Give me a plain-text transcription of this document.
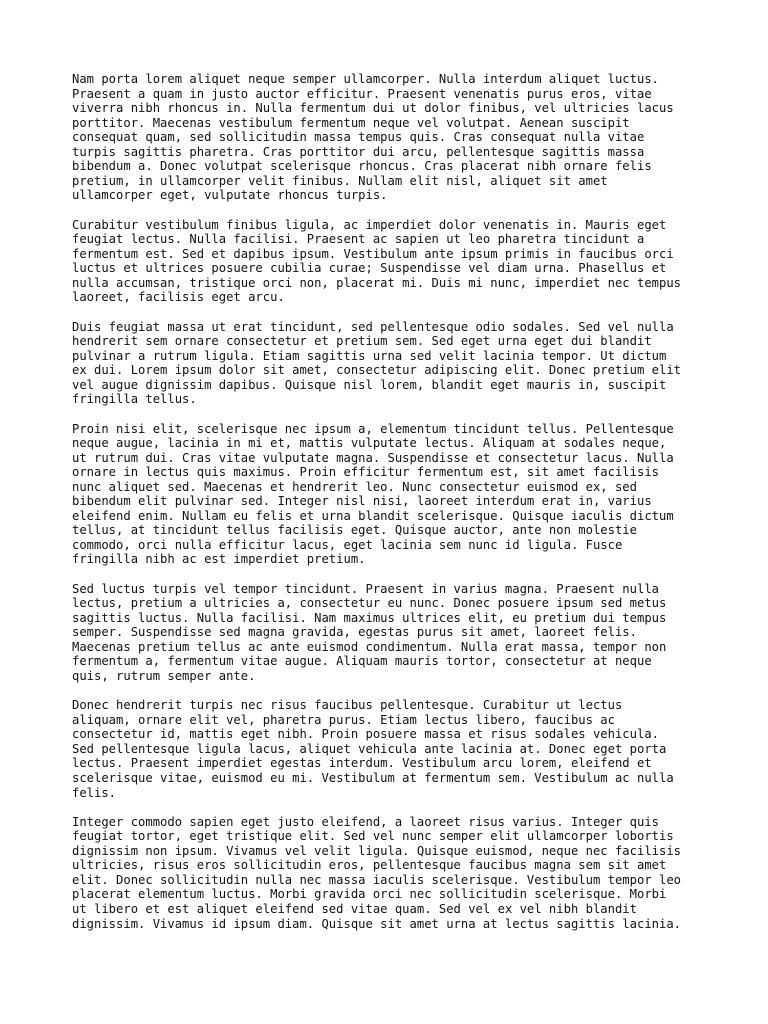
Nam porta lorem aliquet neque semper ullamcorper. Nulla interdum aliquet luctus.
Praesent a quam in justo auctor efficitur. Praesent venenatis purus eros, vitae
viverra nibh rhoncus in. Nulla fermentum dui ut dolor finibus, vel ultricies lacus
porttitor. Maecenas vestibulum fermentum neque vel volutpat. Aenean suscipit
consequat quam, sed sollicitudin massa tempus quis. Cras consequat nulla vitae
turpis sagittis pharetra. Cras porttitor dui arcu, pellentesque sagittis massa
bibendum a. Donec volutpat scelerisque rhoncus. Cras placerat nibh ornare felis
pretium, in ullamcorper velit finibus. Nullam elit nisl, aliquet sit amet
ullamcorper eget, vulputate rhoncus turpis.

Curabitur vestibulum finibus ligula, ac imperdiet dolor venenatis in. Mauris eget
feugiat lectus. Nulla facilisi. Praesent ac sapien ut leo pharetra tincidunt a
fermentum est. Sed et dapibus ipsum. Vestibulum ante ipsum primis in faucibus orci
luctus et ultrices posuere cubilia curae; Suspendisse vel diam urna. Phasellus et
nulla accumsan, tristique orci non, placerat mi. Duis mi nunc, imperdiet nec tempus
laoreet, facilisis eget arcu.

Duis feugiat massa ut erat tincidunt, sed pellentesque odio sodales. Sed vel nulla
hendrerit sem ornare consectetur et pretium sem. Sed eget urna eget dui blandit
pulvinar a rutrum ligula. Etiam sagittis urna sed velit lacinia tempor. Ut dictum
ex dui. Lorem ipsum dolor sit amet, consectetur adipiscing elit. Donec pretium elit
vel augue dignissim dapibus. Quisque nisl lorem, blandit eget mauris in, suscipit
fringilla tellus.

Proin nisi elit, scelerisque nec ipsum a, elementum tincidunt tellus. Pellentesque
neque augue, lacinia in mi et, mattis vulputate lectus. Aliquam at sodales neque,
ut rutrum dui. Cras vitae vulputate magna. Suspendisse et consectetur lacus. Nulla
ornare in lectus quis maximus. Proin efficitur fermentum est, sit amet facilisis
nunc aliquet sed. Maecenas et hendrerit leo. Nunc consectetur euismod ex, sed
bibendum elit pulvinar sed. Integer nisl nisi, laoreet interdum erat in, varius
eleifend enim. Nullam eu felis et urna blandit scelerisque. Quisque iaculis dictum
tellus, at tincidunt tellus facilisis eget. Quisque auctor, ante non molestie
commodo, orci nulla efficitur lacus, eget lacinia sem nunc id ligula. Fusce
fringilla nibh ac est imperdiet pretium.

Sed luctus turpis vel tempor tincidunt. Praesent in varius magna. Praesent nulla
lectus, pretium a ultricies a, consectetur eu nunc. Donec posuere ipsum sed metus
sagittis luctus. Nulla facilisi. Nam maximus ultrices elit, eu pretium dui tempus
semper. Suspendisse sed magna gravida, egestas purus sit amet, laoreet felis.
Maecenas pretium tellus ac ante euismod condimentum. Nulla erat massa, tempor non
fermentum a, fermentum vitae augue. Aliquam mauris tortor, consectetur at neque
quis, rutrum semper ante.

Donec hendrerit turpis nec risus faucibus pellentesque. Curabitur ut lectus
aliquam, ornare elit vel, pharetra purus. Etiam lectus libero, faucibus ac
consectetur id, mattis eget nibh. Proin posuere massa et risus sodales vehicula.
Sed pellentesque ligula lacus, aliquet vehicula ante lacinia at. Donec eget porta
lectus. Praesent imperdiet egestas interdum. Vestibulum arcu lorem, eleifend et
scelerisque vitae, euismod eu mi. Vestibulum at fermentum sem. Vestibulum ac nulla
felis.

Integer commodo sapien eget justo eleifend, a laoreet risus varius. Integer quis
feugiat tortor, eget tristique elit. Sed vel nunc semper elit ullamcorper lobortis
dignissim non ipsum. Vivamus vel velit ligula. Quisque euismod, neque nec facilisis
ultricies, risus eros sollicitudin eros, pellentesque faucibus magna sem sit amet
elit. Donec sollicitudin nulla nec massa iaculis scelerisque. Vestibulum tempor leo
placerat elementum luctus. Morbi gravida orci nec sollicitudin scelerisque. Morbi
ut libero et est aliquet eleifend sed vitae quam. Sed vel ex vel nibh blandit
dignissim. Vivamus id ipsum diam. Quisque sit amet urna at lectus sagittis lacinia.
